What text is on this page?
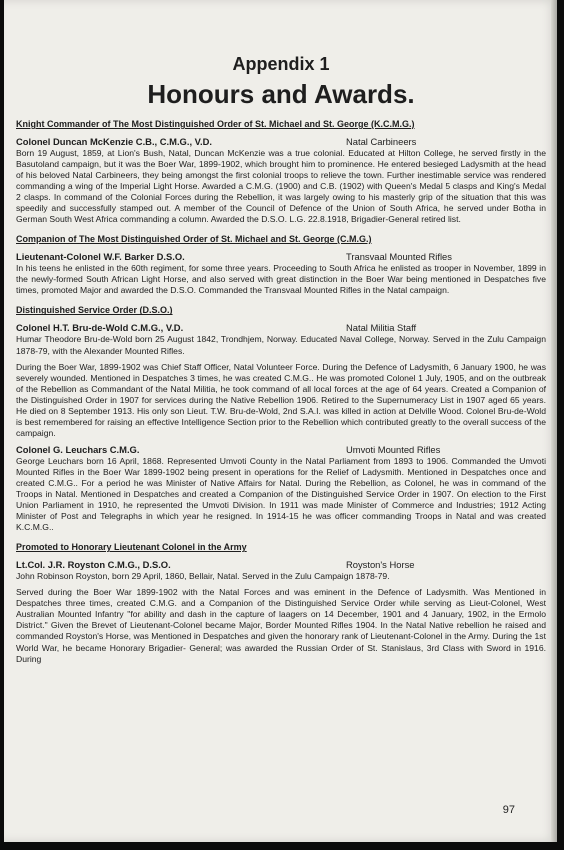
Appendix 1
Honours and Awards.
Knight Commander of The Most Distinguished Order of St. Michael and St. George (K.C.M.G.)
Colonel Duncan McKenzie C.B., C.M.G., V.D.	Natal Carbineers

Born 19 August, 1859, at Lion's Bush, Natal, Duncan McKenzie was a true colonial. Educated at Hilton College, he served firstly in the Basutoland campaign, but it was the Boer War, 1899-1902, which brought him to prominence. He entered besieged Ladysmith at the head of his beloved Natal Carbineers, they being amongst the first colonial troops to relieve the town. Further inestimable service was rendered commanding a wing of the Imperial Light Horse. Awarded a C.M.G. (1900) and C.B. (1902) with Queen's Medal 5 clasps and King's Medal 2 clasps. In command of the Colonial Forces during the Rebellion, it was largely owing to his masterly grip of the situation that this was speedily and successfully stamped out. A member of the Council of Defence of the Union of South Africa, he served under Botha in German South West Africa commanding a column. Awarded the D.S.O. L.G. 22.8.1918, Brigadier-General retired list.

Companion of The Most Distinguished Order of St. Michael and St. George (C.M.G.)
Lieutenant-Colonel W.F. Barker D.S.O.	Transvaal Mounted Rifles

In his teens he enlisted in the 60th regiment, for some three years. Proceeding to South Africa he enlisted as trooper in November, 1899 in the newly-formed South African Light Horse, and also served with great distinction in the Boer War being mentioned in Despatches five times, promoted Major and awarded the D.S.O. Commanded the Transvaal Mounted Rifles in the Natal campaign.

Distinguished Service Order (D.S.O.)
Colonel H.T. Bru-de-Wold C.M.G., V.D.	Natal Militia Staff

Humar Theodore Bru-de-Wold born 25 August 1842, Trondhjem, Norway. Educated Naval College, Norway. Served in the Zulu Campaign 1878-79, with the Alexander Mounted Rifles.

During the Boer War, 1899-1902 was Chief Staff Officer, Natal Volunteer Force. During the Defence of Ladysmith, 6 January 1900, he was severely wounded. Mentioned in Despatches 3 times, he was created C.M.G.. He was promoted Colonel 1 July, 1905, and on the outbreak of the Rebellion as Commandant of the Natal Militia, he took command of all local forces at the age of 64 years. Created a Companion of the Distinguished Order in 1907 for services during the Native Rebellion 1906. Retired to the Supernumeracy List in 1907 aged 65 years. He died on 8 September 1913. His only son Lieut. T.W. Bru-de-Wold, 2nd S.A.I. was killed in action at Delville Wood. Colonel Bru-de-Wold is best remembered for raising an effective Intelligence Section prior to the Rebellion which contributed greatly to the overall success of the campaign.

Colonel G. Leuchars C.M.G.	Umvoti Mounted Rifles

George Leuchars born 16 April, 1868. Represented Umvoti County in the Natal Parliament from 1893 to 1906. Commanded the Umvoti Mounted Rifles in the Boer War 1899-1902 being present in operations for the Relief of Ladysmith. Mentioned in Despatches once and created C.M.G.. For a period he was Minister of Native Affairs for Natal. During the Rebellion, as Colonel, he was in command of the Troops in Natal. Mentioned in Despatches and created a Companion of the Distinguished Service Order in 1907. On election to the First Union Parliament in 1910, he represented the Umvoti Division. In 1911 was made Minister of Commerce and Industries; 1912 Acting Minister of Post and Telegraphs in which year he resigned. In 1914-15 he was officer commanding Troops in Natal and was created K.C.M.G..

Promoted to Honorary Lieutenant Colonel in the Army
Lt.Col. J.R. Royston C.M.G., D.S.O.	Royston's Horse

John Robinson Royston, born 29 April, 1860, Bellair, Natal. Served in the Zulu Campaign 1878-79.

Served during the Boer War 1899-1902 with the Natal Forces and was eminent in the Defence of Ladysmith. Was Mentioned in Despatches three times, created C.M.G. and a Companion of the Distinguished Service Order while serving as Lieut-Colonel, West Australian Mounted Infantry "for ability and dash in the capture of laagers on 14 December, 1901 and 4 January, 1902, in the Ermolo District." Given the Brevet of Lieutenant-Colonel became Major, Border Mounted Rifles 1904. In the Natal Native rebellion he raised and commanded Royston's Horse, was Mentioned in Despatches and given the honorary rank of Lieutenant-Colonel in the Army. During the 1st World War, he became Honorary Brigadier- General; was awarded the Russian Order of St. Stanislaus, 3rd Class with Sword in 1916. During

97
